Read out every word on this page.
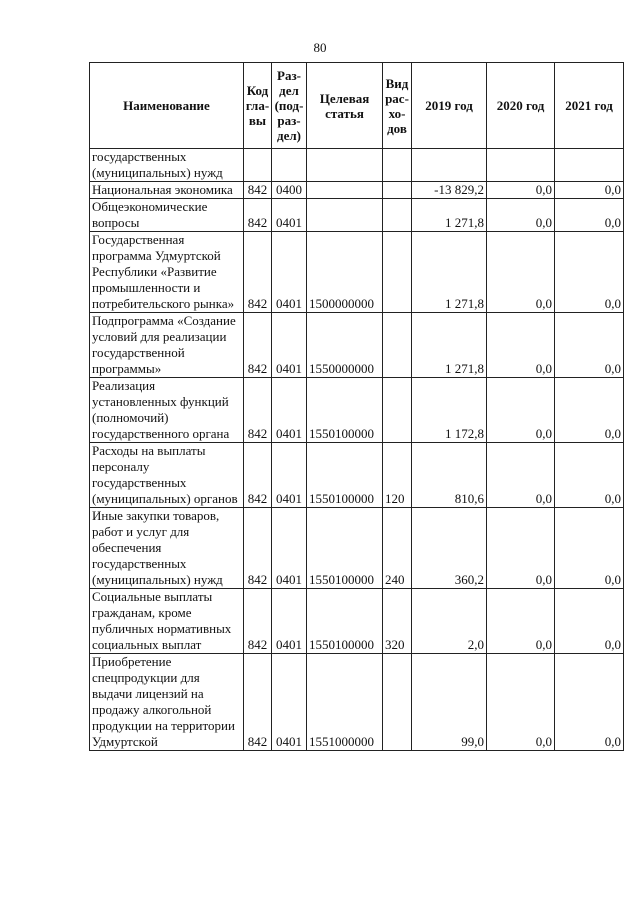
80
Наименование	Код гла- вы	Раз- дел (под- раз- дел)	Целевая статья	Вид рас- хо- дов	2019 год	2020 год	2021 год
государственных (муниципальных) нужд							
Национальная экономика	842	0400			-13 829,2	0,0	0,0
Общеэкономические вопросы	842	0401			1 271,8	0,0	0,0
Государственная программа Удмуртской Республики «Развитие промышленности и потребительского рынка»	842	0401	1500000000		1 271,8	0,0	0,0
Подпрограмма «Создание условий для реализации государственной программы»	842	0401	1550000000		1 271,8	0,0	0,0
Реализация установленных функций (полномочий) государственного органа	842	0401	1550100000		1 172,8	0,0	0,0
Расходы на выплаты персоналу государственных (муниципальных) органов	842	0401	1550100000	120	810,6	0,0	0,0
Иные закупки товаров, работ и услуг для обеспечения государственных (муниципальных) нужд	842	0401	1550100000	240	360,2	0,0	0,0
Социальные выплаты гражданам, кроме публичных нормативных социальных выплат	842	0401	1550100000	320	2,0	0,0	0,0
Приобретение спецпродукции для выдачи лицензий на продажу алкогольной продукции на территории Удмуртской	842	0401	1551000000		99,0	0,0	0,0
